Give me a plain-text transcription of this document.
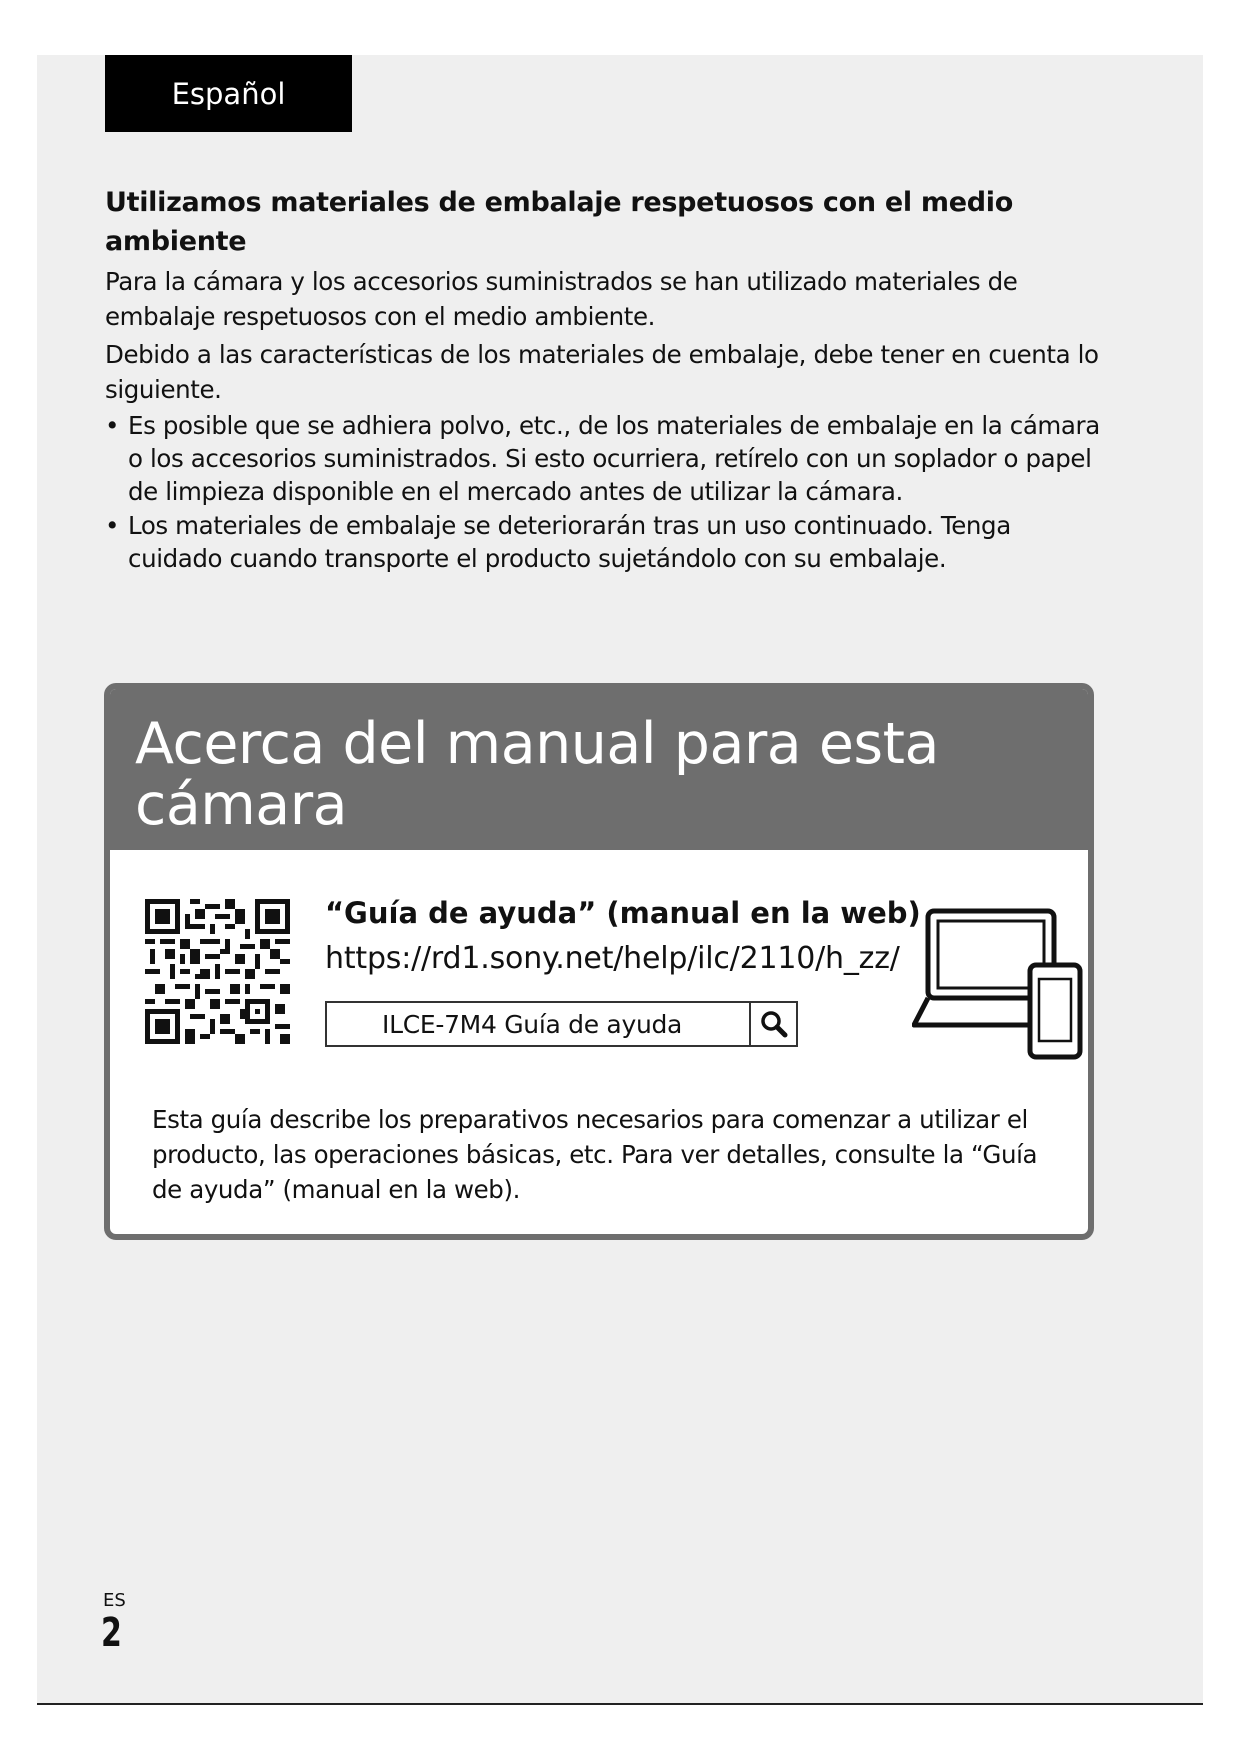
Español
Utilizamos materiales de embalaje respetuosos con el medio ambiente

Para la cámara y los accesorios suministrados se han utilizado materiales de embalaje respetuosos con el medio ambiente.

Debido a las características de los materiales de embalaje, debe tener en cuenta lo siguiente.

• Es posible que se adhiera polvo, etc., de los materiales de embalaje en la cámara o los accesorios suministrados. Si esto ocurriera, retírelo con un soplador o papel de limpieza disponible en el mercado antes de utilizar la cámara.
• Los materiales de embalaje se deteriorarán tras un uso continuado. Tenga cuidado cuando transporte el producto sujetándolo con su embalaje.
Acerca del manual para esta cámara
“Guía de ayuda” (manual en la web)
https://rd1.sony.net/help/ilc/2110/h_zz/
ILCE-7M4 Guía de ayuda

Esta guía describe los preparativos necesarios para comenzar a utilizar el producto, las operaciones básicas, etc. Para ver detalles, consulte la “Guía de ayuda” (manual en la web).

ES
2
